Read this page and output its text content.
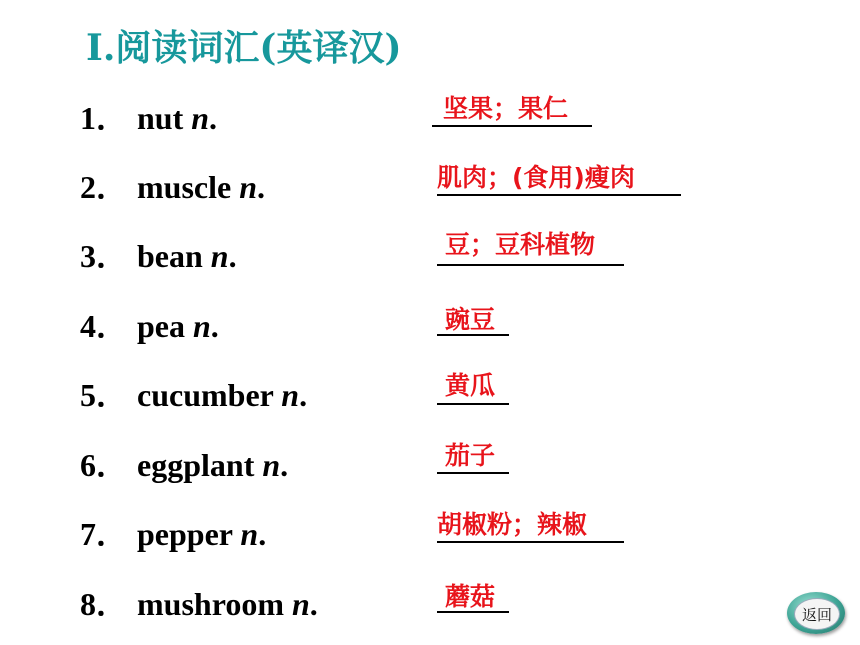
Ⅰ.阅读词汇(英译汉)
1． nut n.	坚果；果仁
2． muscle n.	肌肉；(食用)瘦肉
3． bean n.	豆；豆科植物
4． pea n.	豌豆
5． cucumber n.	黄瓜
6． eggplant n.	茄子
7． pepper n.	胡椒粉；辣椒
8． mushroom n.	蘑菇
返回
